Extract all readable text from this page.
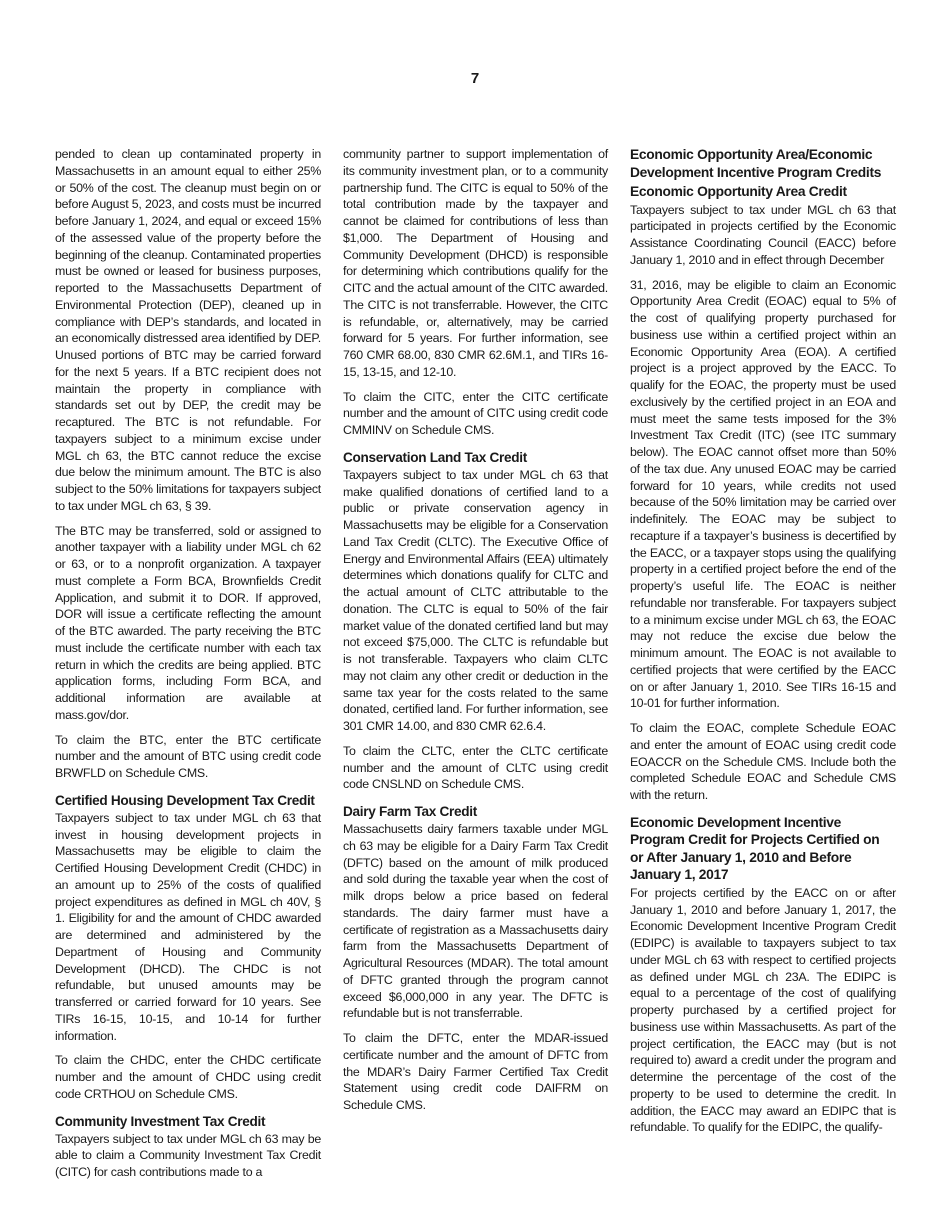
7

pended to clean up contaminated property in Massachusetts in an amount equal to either 25% or 50% of the cost. The cleanup must begin on or before August 5, 2023, and costs must be incurred before January 1, 2024, and equal or exceed 15% of the assessed value of the property before the beginning of the cleanup. Contaminated properties must be owned or leased for business purposes, reported to the Massachusetts Department of Environmental Protection (DEP), cleaned up in compliance with DEP’s standards, and located in an economically distressed area identified by DEP. Unused portions of BTC may be carried forward for the next 5 years. If a BTC recipient does not maintain the property in compliance with standards set out by DEP, the credit may be recaptured. The BTC is not refundable. For taxpayers subject to a minimum excise under MGL ch 63, the BTC cannot reduce the excise due below the minimum amount. The BTC is also subject to the 50% limitations for taxpayers subject to tax under MGL ch 63, § 39.

The BTC may be transferred, sold or assigned to another taxpayer with a liability under MGL ch 62 or 63, or to a nonprofit organization. A taxpayer must complete a Form BCA, Brownfields Credit Application, and submit it to DOR. If approved, DOR will issue a certificate reflecting the amount of the BTC awarded. The party receiving the BTC must include the certificate number with each tax return in which the credits are being applied. BTC application forms, including Form BCA, and additional information are available at mass.gov/dor.

To claim the BTC, enter the BTC certificate number and the amount of BTC using credit code BRWFLD on Schedule CMS.

Certified Housing Development Tax Credit

Taxpayers subject to tax under MGL ch 63 that invest in housing development projects in Massachusetts may be eligible to claim the Certified Housing Development Credit (CHDC) in an amount up to 25% of the costs of qualified project expenditures as defined in MGL ch 40V, § 1. Eligibility for and the amount of CHDC awarded are determined and administered by the Department of Housing and Community Development (DHCD). The CHDC is not refundable, but unused amounts may be transferred or carried forward for 10 years. See TIRs 16-15, 10-15, and 10-14 for further information.

To claim the CHDC, enter the CHDC certificate number and the amount of CHDC using credit code CRTHOU on Schedule CMS.

Community Investment Tax Credit

Taxpayers subject to tax under MGL ch 63 may be able to claim a Community Investment Tax Credit (CITC) for cash contributions made to a

community partner to support implementation of its community investment plan, or to a community partnership fund. The CITC is equal to 50% of the total contribution made by the taxpayer and cannot be claimed for contributions of less than $1,000. The Department of Housing and Community Development (DHCD) is responsible for determining which contributions qualify for the CITC and the actual amount of the CITC awarded. The CITC is not transferrable. However, the CITC is refundable, or, alternatively, may be carried forward for 5 years. For further information, see 760 CMR 68.00, 830 CMR 62.6M.1, and TIRs 16-15, 13-15, and 12-10.

To claim the CITC, enter the CITC certificate number and the amount of CITC using credit code CMMINV on Schedule CMS.

Conservation Land Tax Credit

Taxpayers subject to tax under MGL ch 63 that make qualified donations of certified land to a public or private conservation agency in Massachusetts may be eligible for a Conservation Land Tax Credit (CLTC). The Executive Office of Energy and Environmental Affairs (EEA) ultimately determines which donations qualify for CLTC and the actual amount of CLTC attributable to the donation. The CLTC is equal to 50% of the fair market value of the donated certified land but may not exceed $75,000. The CLTC is refundable but is not transferable. Taxpayers who claim CLTC may not claim any other credit or deduction in the same tax year for the costs related to the same donated, certified land. For further information, see 301 CMR 14.00, and 830 CMR 62.6.4.

To claim the CLTC, enter the CLTC certificate number and the amount of CLTC using credit code CNSLND on Schedule CMS.

Dairy Farm Tax Credit

Massachusetts dairy farmers taxable under MGL ch 63 may be eligible for a Dairy Farm Tax Credit (DFTC) based on the amount of milk produced and sold during the taxable year when the cost of milk drops below a price based on federal standards. The dairy farmer must have a certificate of registration as a Massachusetts dairy farm from the Massachusetts Department of Agricultural Resources (MDAR). The total amount of DFTC granted through the program cannot exceed $6,000,000 in any year. The DFTC is refundable but is not transferrable.

To claim the DFTC, enter the MDAR-issued certificate number and the amount of DFTC from the MDAR’s Dairy Farmer Certified Tax Credit Statement using credit code DAIFRM on Schedule CMS.

Economic Opportunity Area/Economic Development Incentive Program Credits
Economic Opportunity Area Credit

Taxpayers subject to tax under MGL ch 63 that participated in projects certified by the Economic Assistance Coordinating Council (EACC) before January 1, 2010 and in effect through December

31, 2016, may be eligible to claim an Economic Opportunity Area Credit (EOAC) equal to 5% of the cost of qualifying property purchased for business use within a certified project within an Economic Opportunity Area (EOA). A certified project is a project approved by the EACC. To qualify for the EOAC, the property must be used exclusively by the certified project in an EOA and must meet the same tests imposed for the 3% Investment Tax Credit (ITC) (see ITC summary below). The EOAC cannot offset more than 50% of the tax due. Any unused EOAC may be carried forward for 10 years, while credits not used because of the 50% limitation may be carried over indefinitely. The EOAC may be subject to recapture if a taxpayer’s business is decertified by the EACC, or a taxpayer stops using the qualifying property in a certified project before the end of the property’s useful life. The EOAC is neither refundable nor transferable. For taxpayers subject to a minimum excise under MGL ch 63, the EOAC may not reduce the excise due below the minimum amount. The EOAC is not available to certified projects that were certified by the EACC on or after January 1, 2010. See TIRs 16-15 and 10-01 for further information.

To claim the EOAC, complete Schedule EOAC and enter the amount of EOAC using credit code EOACCR on the Schedule CMS. Include both the completed Schedule EOAC and Schedule CMS with the return.

Economic Development Incentive Program Credit for Projects Certified on or After January 1, 2010 and Before January 1, 2017

For projects certified by the EACC on or after January 1, 2010 and before January 1, 2017, the Economic Development Incentive Program Credit (EDIPC) is available to taxpayers subject to tax under MGL ch 63 with respect to certified projects as defined under MGL ch 23A. The EDIPC is equal to a percentage of the cost of qualifying property purchased by a certified project for business use within Massachusetts. As part of the project certification, the EACC may (but is not required to) award a credit under the program and determine the percentage of the cost of the property to be used to determine the credit. In addition, the EACC may award an EDIPC that is refundable. To qualify for the EDIPC, the qualify-
